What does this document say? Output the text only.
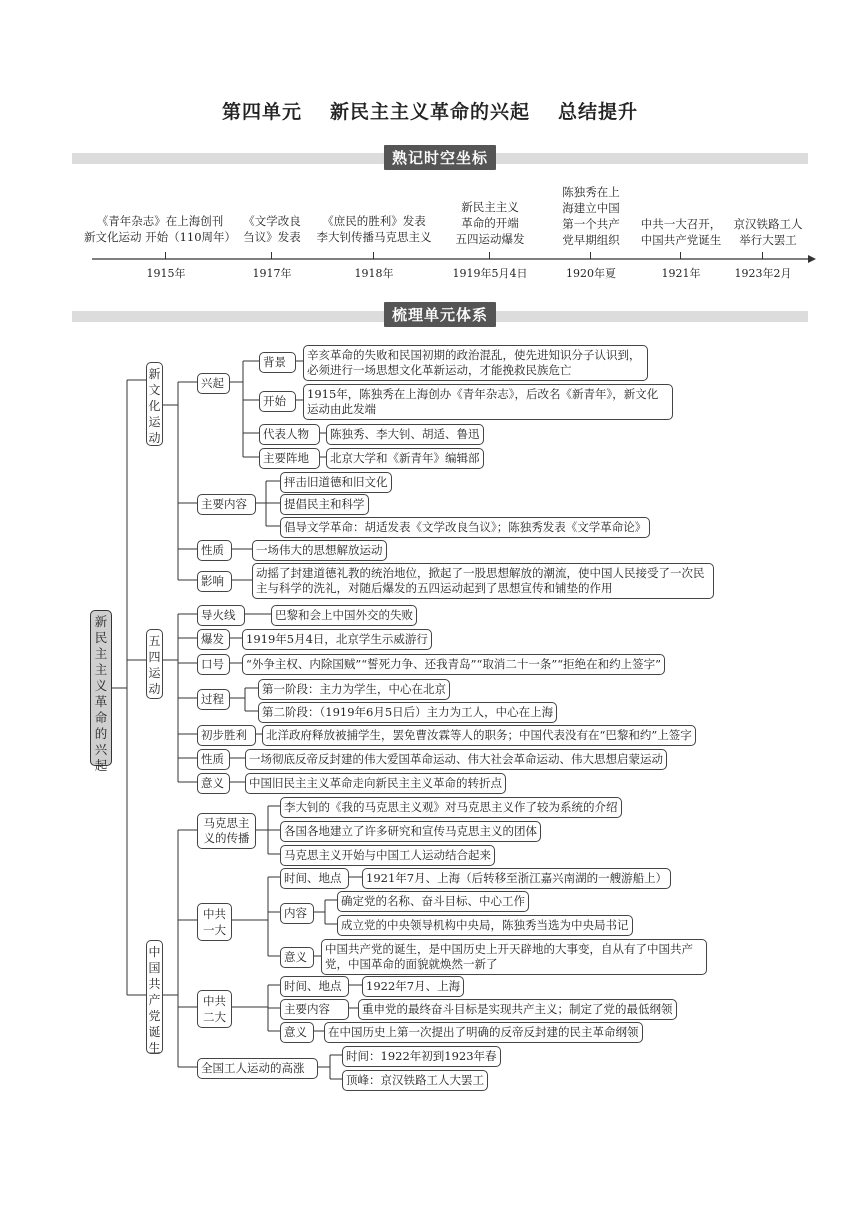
第四单元 新民主主义革命的兴起 总结提升
熟记时空坐标
1915年	1917年	1918年	1919年5月4日	1920年夏	1921年	1923年2月
《青年杂志》在上海创刊
新文化运动 开始（110周年）
《文学改良
刍议》发表
《庶民的胜利》发表
李大钊传播马克思主义
新民主主义
革命的开端
五四运动爆发
陈独秀在上
海建立中国
第一个共产
党早期组织
中共一大召开，
中国共产党诞生
京汉铁路工人
举行大罢工
梳理单元体系
新民主主义革命的兴起
新文化运动
五四运动
中国共产党诞生
兴起
背景	辛亥革命的失败和民国初期的政治混乱，使先进知识分子认识到，必须进行一场思想文化革新运动，才能挽救民族危亡
开始	1915年，陈独秀在上海创办《青年杂志》，后改名《新青年》，新文化运动由此发端
代表人物	陈独秀、李大钊、胡适、鲁迅
主要阵地	北京大学和《新青年》编辑部
主要内容
抨击旧道德和旧文化
提倡民主和科学
倡导文学革命：胡适发表《文学改良刍议》；陈独秀发表《文学革命论》
性质	一场伟大的思想解放运动
影响
动摇了封建道德礼教的统治地位，掀起了一股思想解放的潮流，使中国人民接受了一次民主与科学的洗礼，对随后爆发的五四运动起到了思想宣传和铺垫的作用
导火线	巴黎和会上中国外交的失败
爆发	1919年5月4日，北京学生示威游行
口号	“外争主权、内除国贼”“誓死力争、还我青岛”“取消二十一条”“拒绝在和约上签字”
过程
第一阶段：主力为学生，中心在北京
第二阶段：（1919年6月5日后）主力为工人，中心在上海
初步胜利	北洋政府释放被捕学生，罢免曹汝霖等人的职务；中国代表没有在“巴黎和约”上签字
性质	一场彻底反帝反封建的伟大爱国革命运动、伟大社会革命运动、伟大思想启蒙运动
意义	中国旧民主主义革命走向新民主主义革命的转折点
马克思主义的传播
李大钊的《我的马克思主义观》对马克思主义作了较为系统的介绍
各国各地建立了许多研究和宣传马克思主义的团体
马克思主义开始与中国工人运动结合起来
中共一大
时间、地点	1921年7月、上海（后转移至浙江嘉兴南湖的一艘游船上）
内容
确定党的名称、奋斗目标、中心工作
成立党的中央领导机构中央局，陈独秀当选为中央局书记
意义
中国共产党的诞生，是中国历史上开天辟地的大事变，自从有了中国共产党，中国革命的面貌就焕然一新了
中共二大
时间、地点	1922年7月、上海
主要内容	重申党的最终奋斗目标是实现共产主义；制定了党的最低纲领
意义	在中国历史上第一次提出了明确的反帝反封建的民主革命纲领
全国工人运动的高涨
时间：1922年初到1923年春
顶峰：京汉铁路工人大罢工
